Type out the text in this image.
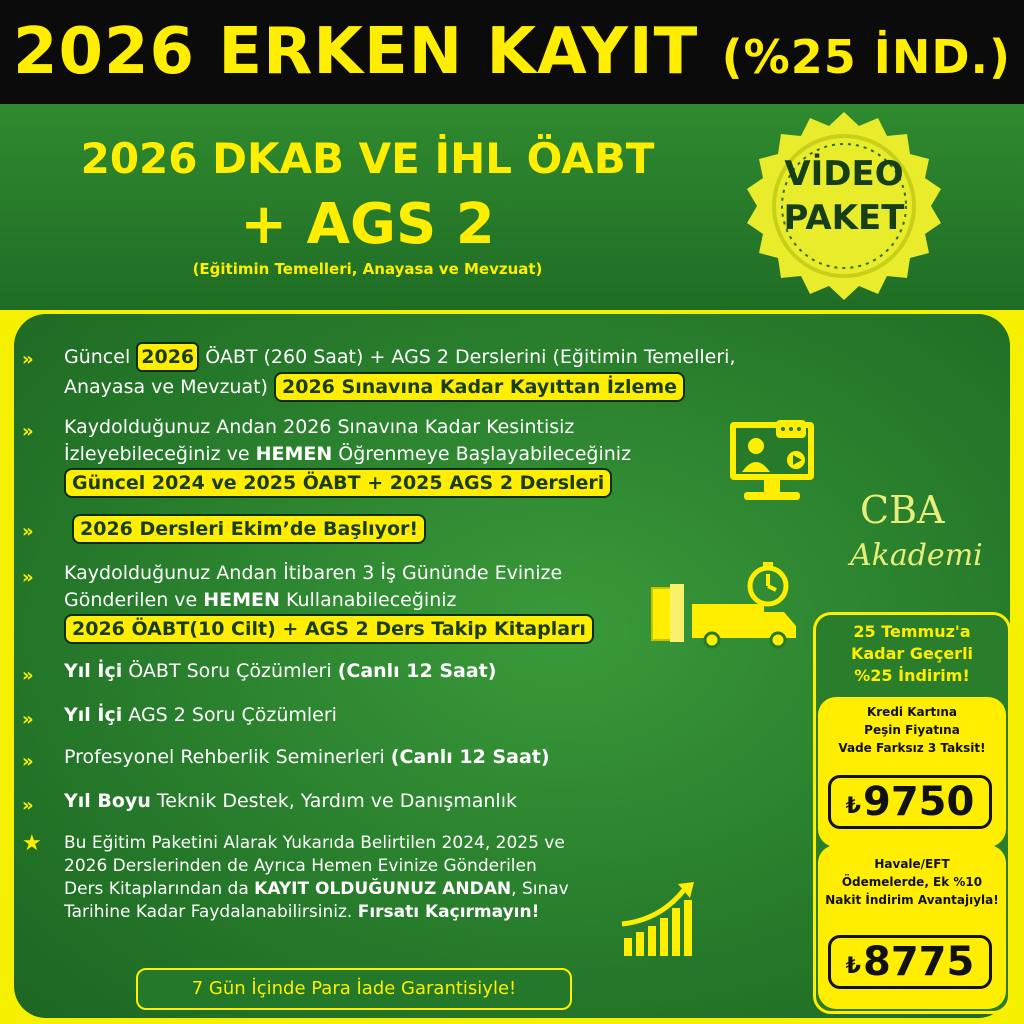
2026 ERKEN KAYIT (%25 İND.)
2026 DKAB VE İHL ÖABT
+ AGS 2
(Eğitimin Temelleri, Anayasa ve Mevzuat)
VİDEO
PAKET
»	Güncel 2026 ÖABT (260 Saat) + AGS 2 Derslerini (Eğitimin Temelleri, Anayasa ve Mevzuat) 2026 Sınavına Kadar Kayıttan İzleme
»	Kaydolduğunuz Andan 2026 Sınavına Kadar Kesintisiz İzleyebileceğiniz ve HEMEN Öğrenmeye Başlayabileceğiniz
Güncel 2024 ve 2025 ÖABT + 2025 AGS 2 Dersleri
»	2026 Dersleri Ekim’de Başlıyor!	CBA
Akademi
»	Kaydolduğunuz Andan İtibaren 3 İş Gününde Evinize Gönderilen ve HEMEN Kullanabileceğiniz
2026 ÖABT(10 Cilt) + AGS 2 Ders Takip Kitapları
»	Yıl İçi ÖABT Soru Çözümleri (Canlı 12 Saat)
»	Yıl İçi AGS 2 Soru Çözümleri
»	Profesyonel Rehberlik Seminerleri (Canlı 12 Saat)
»	Yıl Boyu Teknik Destek, Yardım ve Danışmanlık
★ Bu Eğitim Paketini Alarak Yukarıda Belirtilen 2024, 2025 ve 2026 Derslerinden de Ayrıca Hemen Evinize Gönderilen Ders Kitaplarından da KAYIT OLDUĞUNUZ ANDAN, Sınav Tarihine Kadar Faydalanabilirsiniz. Fırsatı Kaçırmayın!
7 Gün İçinde Para İade Garantisiyle!
25 Temmuz'a
Kadar Geçerli
%25 İndirim!
Kredi Kartına
Peşin Fiyatına
Vade Farksız 3 Taksit!
₺9750
Havale/EFT
Ödemelerde, Ek %10
Nakit İndirim Avantajıyla!
₺8775
